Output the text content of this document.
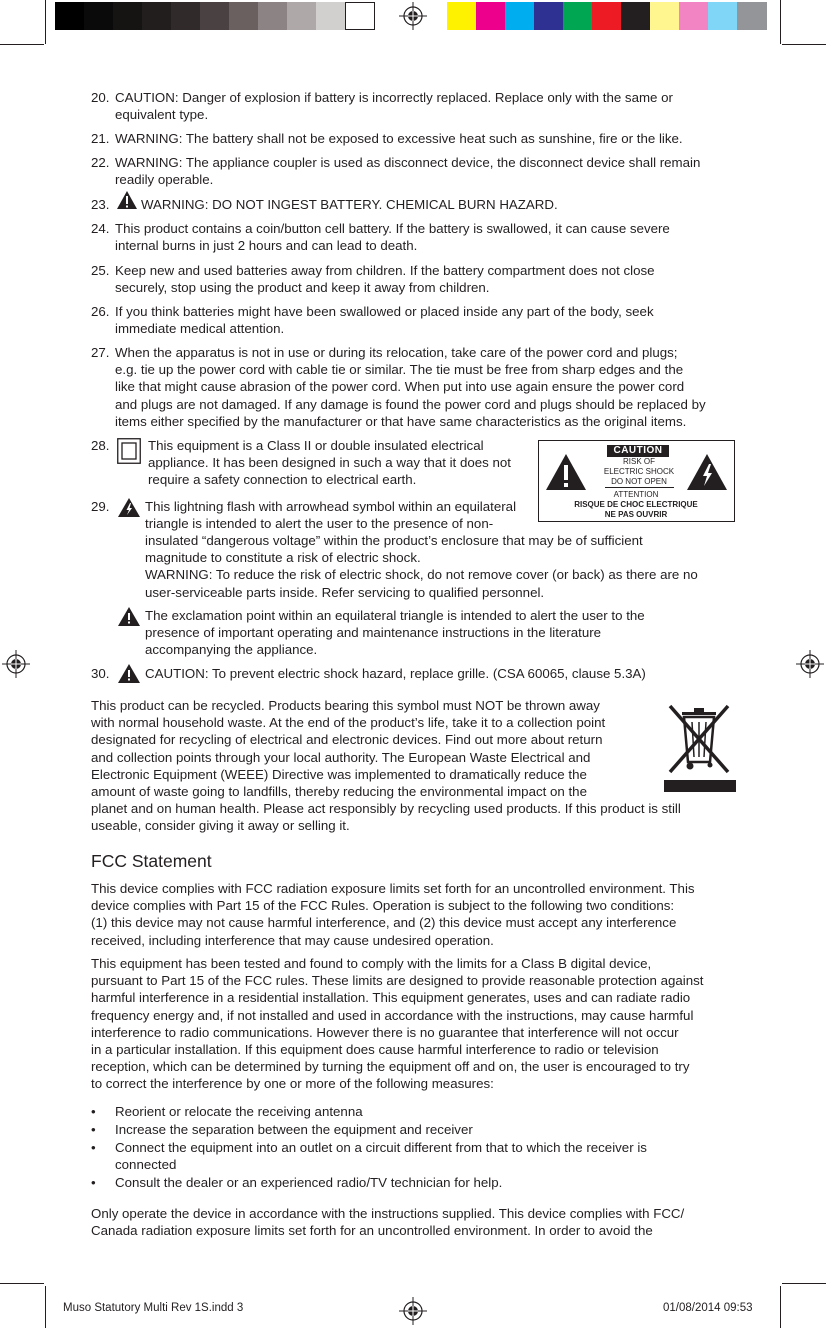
20. CAUTION: Danger of explosion if battery is incorrectly replaced. Replace only with the same or
equivalent type.
21. WARNING: The battery shall not be exposed to excessive heat such as sunshine, fire or the like.
22. WARNING: The appliance coupler is used as disconnect device, the disconnect device shall remain
readily operable.
23.	WARNING: DO NOT INGEST BATTERY. CHEMICAL BURN HAZARD.
24. This product contains a coin/button cell battery. If the battery is swallowed, it can cause severe
internal burns in just 2 hours and can lead to death.
25. Keep new and used batteries away from children. If the battery compartment does not close
securely, stop using the product and keep it away from children.
26. If you think batteries might have been swallowed or placed inside any part of the body, seek
immediate medical attention.
27. When the apparatus is not in use or during its relocation, take care of the power cord and plugs;
e.g. tie up the power cord with cable tie or similar. The tie must be free from sharp edges and the
like that might cause abrasion of the power cord. When put into use again ensure the power cord
and plugs are not damaged. If any damage is found the power cord and plugs should be replaced by
items either specified by the manufacturer or that have same characteristics as the original items.
28.	This equipment is a Class II or double insulated electrical
appliance. It has been designed in such a way that it does not
require a safety connection to electrical earth.
CAUTION
RISK OF
ELECTRIC SHOCK
DO NOT OPEN
ATTENTION
RISQUE DE CHOC ELECTRIQUE
NE PAS OUVRIR
29.	This lightning flash with arrowhead symbol within an equilateral
triangle is intended to alert the user to the presence of non-
insulated “dangerous voltage” within the product’s enclosure that may be of sufficient
magnitude to constitute a risk of electric shock.
WARNING: To reduce the risk of electric shock, do not remove cover (or back) as there are no
user-serviceable parts inside. Refer servicing to qualified personnel.
The exclamation point within an equilateral triangle is intended to alert the user to the
presence of important operating and maintenance instructions in the literature
accompanying the appliance.
30.	CAUTION: To prevent electric shock hazard, replace grille. (CSA 60065, clause 5.3A)
This product can be recycled. Products bearing this symbol must NOT be thrown away
with normal household waste. At the end of the product’s life, take it to a collection point
designated for recycling of electrical and electronic devices. Find out more about return
and collection points through your local authority. The European Waste Electrical and
Electronic Equipment (WEEE) Directive was implemented to dramatically reduce the
amount of waste going to landfills, thereby reducing the environmental impact on the
planet and on human health. Please act responsibly by recycling used products. If this product is still
useable, consider giving it away or selling it.
FCC Statement
This device complies with FCC radiation exposure limits set forth for an uncontrolled environment. This
device complies with Part 15 of the FCC Rules. Operation is subject to the following two conditions:
(1) this device may not cause harmful interference, and (2) this device must accept any interference
received, including interference that may cause undesired operation.
This equipment has been tested and found to comply with the limits for a Class B digital device,
pursuant to Part 15 of the FCC rules. These limits are designed to provide reasonable protection against
harmful interference in a residential installation. This equipment generates, uses and can radiate radio
frequency energy and, if not installed and used in accordance with the instructions, may cause harmful
interference to radio communications. However there is no guarantee that interference will not occur
in a particular installation. If this equipment does cause harmful interference to radio or television
reception, which can be determined by turning the equipment off and on, the user is encouraged to try
to correct the interference by one or more of the following measures:
• Reorient or relocate the receiving antenna
• Increase the separation between the equipment and receiver
• Connect the equipment into an outlet on a circuit different from that to which the receiver is
connected
• Consult the dealer or an experienced radio/TV technician for help.
Only operate the device in accordance with the instructions supplied. This device complies with FCC/
Canada radiation exposure limits set forth for an uncontrolled environment. In order to avoid the
Muso Statutory Multi Rev 1S.indd 3	01/08/2014 09:53
